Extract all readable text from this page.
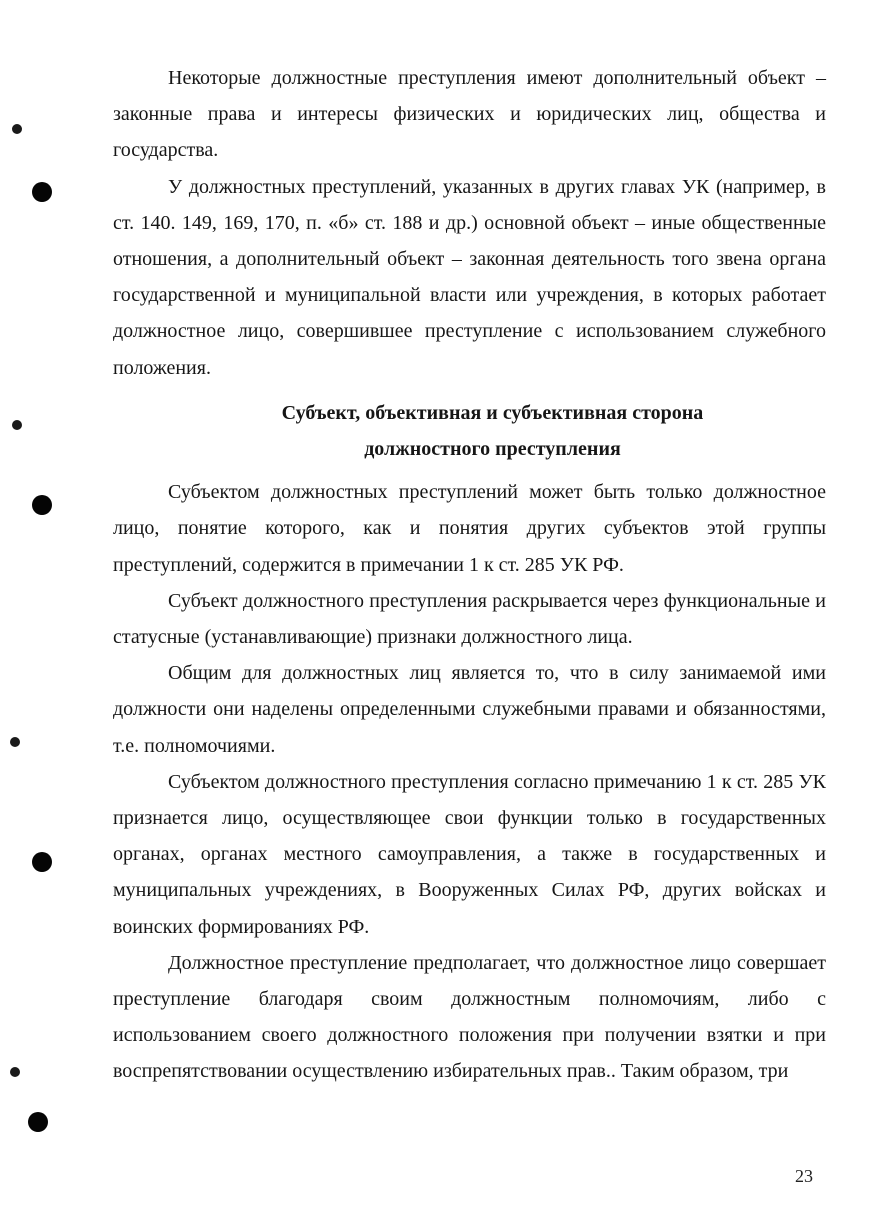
Некоторые должностные преступления имеют дополнительный объект – законные права и интересы физических и юридических лиц, общества и государства.

У должностных преступлений, указанных в других главах УК (например, в ст. 140. 149, 169, 170, п. «б» ст. 188 и др.) основной объект – иные общественные отношения, а дополнительный объект – законная деятельность того звена органа государственной и муниципальной власти или учреждения, в которых работает должностное лицо, совершившее преступление с использованием служебного положения.

Субъект, объективная и субъективная сторона

должностного преступления

Субъектом должностных преступлений может быть только должностное лицо, понятие которого, как и понятия других субъектов этой группы преступлений, содержится в примечании 1 к ст. 285 УК РФ.

Субъект должностного преступления раскрывается через функциональные и статусные (устанавливающие) признаки должностного лица.

Общим для должностных лиц является то, что в силу занимаемой ими должности они наделены определенными служебными правами и обязанностями, т.е. полномочиями.

Субъектом должностного преступления согласно примечанию 1 к ст. 285 УК признается лицо, осуществляющее свои функции только в государственных органах, органах местного самоуправления, а также в государственных и муниципальных учреждениях, в Вооруженных Силах РФ, других войсках и воинских формированиях РФ.

Должностное преступление предполагает, что должностное лицо совершает преступление благодаря своим должностным полномочиям, либо с использованием своего должностного положения при получении взятки и при воспрепятствовании осуществлению избирательных прав.. Таким образом, три

23
